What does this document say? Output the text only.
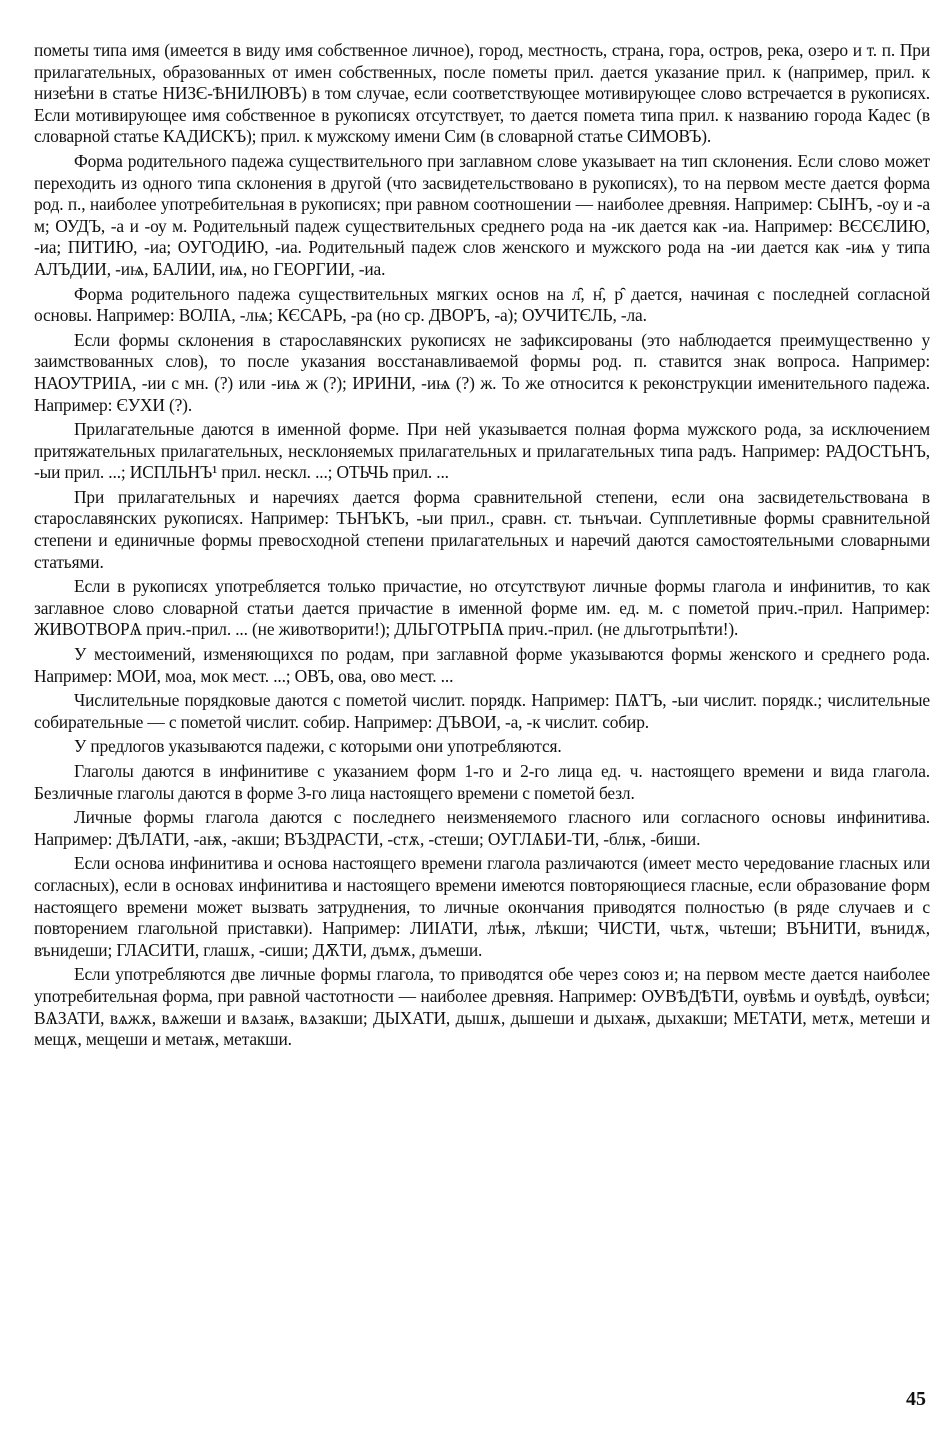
пометы типа имя (имеется в виду имя собственное личное), город, местность, страна, гора, остров, река, озеро и т. п. При прилагательных, образованных от имен собственных, после пометы прил. дается указание прил. к (например, прил. к низеѣни в статье НИЗЄ-ѢНИЛЮВЪ) в том случае, если соответствующее мотивирующее слово встречается в рукописях. Если мотивирующее имя собственное в рукописях отсутствует, то дается помета типа прил. к названию города Кадес (в словарной статье КАДИСКЪ); прил. к мужскому имени Сим (в словарной статье СИМОВЪ).

Форма родительного падежа существительного при заглавном слове указывает на тип склонения. Если слово может переходить из одного типа склонения в другой (что засвидетельствовано в рукописях), то на первом месте дается форма род. п., наиболее употребительная в рукописях; при равном соотношении — наиболее древняя. Например: СЫНЪ, -оу и -а м; ОУДЪ, -а и -оу м. Родительный падеж существительных среднего рода на -ик дается как -иа. Например: ВЄСЄЛИЮ, -иа; ПИТИЮ, -иа; ОУГОДИЮ, -иа. Родительный падеж слов женского и мужского рода на -ии дается как -иѩ у типа АЛЪДИИ, -иѩ, БАЛИИ, иѩ, но ГЕОРГИИ, -иа.

Форма родительного падежа существительных мягких основ на л̑, н̑, р̑ дается, начиная с последней согласной основы. Например: ВОЛІА, -лѩ; КЄСАРЬ, -ра (но ср. ДВОРЪ, -а); ОУЧИТЄЛЬ, -ла.

Если формы склонения в старославянских рукописях не зафиксированы (это наблюдается преимущественно у заимствованных слов), то после указания восстанавливаемой формы род. п. ставится знак вопроса. Например: НАОУТРИІА, -ии с мн. (?) или -иѩ ж (?); ИРИНИ, -иѩ (?) ж. То же относится к реконструкции именительного падежа. Например: ЄУХИ (?).

Прилагательные даются в именной форме. При ней указывается полная форма мужского рода, за исключением притяжательных прилагательных, несклоняемых прилагательных и прилагательных типа радъ. Например: РАДОСТЬНЪ, -ыи прил. ...; ИСПЛЬНЪ¹ прил. нескл. ...; ОТЬЧЬ прил. ...

При прилагательных и наречиях дается форма сравнительной степени, если она засвидетельствована в старославянских рукописях. Например: ТЬНЪКЪ, -ыи прил., сравн. ст. тьнъчаи. Супплетивные формы сравнительной степени и единичные формы превосходной степени прилагательных и наречий даются самостоятельными словарными статьями.

Если в рукописях употребляется только причастие, но отсутствуют личные формы глагола и инфинитив, то как заглавное слово словарной статьи дается причастие в именной форме им. ед. м. с пометой прич.-прил. Например: ЖИВОТВОРѦ прич.-прил. ... (не животворити!); ДЛЬГОТРЬПѦ прич.-прил. (не дльготрьпѣти!).

У местоимений, изменяющихся по родам, при заглавной форме указываются формы женского и среднего рода. Например: МОИ, моа, мок мест. ...; ОВЪ, ова, ово мест. ...

Числительные порядковые даются с пометой числит. порядк. Например: ПѦТЪ, -ыи числит. порядк.; числительные собирательные — с пометой числит. собир. Например: ДЪВОИ, -а, -к числит. собир.

У предлогов указываются падежи, с которыми они употребляются.

Глаголы даются в инфинитиве с указанием форм 1-го и 2-го лица ед. ч. настоящего времени и вида глагола. Безличные глаголы даются в форме 3-го лица настоящего времени с пометой безл.

Личные формы глагола даются с последнего неизменяемого гласного или согласного основы инфинитива. Например: ДѢЛАТИ, -аѭ, -акши; ВЪЗДРАСТИ, -стѫ, -стеши; ОУГЛѦБИ-ТИ, -блѭ, -биши.

Если основа инфинитива и основа настоящего времени глагола различаются (имеет место чередование гласных или согласных), если в основах инфинитива и настоящего времени имеются повторяющиеся гласные, если образование форм настоящего времени может вызвать затруднения, то личные окончания приводятся полностью (в ряде случаев и с повторением глагольной приставки). Например: ЛИІАТИ, лѣѭ, лѣкши; ЧИСТИ, чьтѫ, чьтеши; ВЪНИТИ, вънидѫ, вънидеши; ГЛАСИТИ, глашѫ, -сиши; ДѪТИ, дъмѫ, дъмеши.

Если употребляются две личные формы глагола, то приводятся обе через союз и; на первом месте дается наиболее употребительная форма, при равной частотности — наиболее древняя. Например: ОУВѢДѢТИ, оувѣмь и оувѣдѣ, оувѣси; ВѦЗАТИ, вѧжѫ, вѧжеши и вѧзаѭ, вѧзакши; ДЫХАТИ, дышѫ, дышеши и дыхаѭ, дыхакши; МЕТАТИ, метѫ, метеши и мещѫ, мещеши и метаѭ, метакши.

45
